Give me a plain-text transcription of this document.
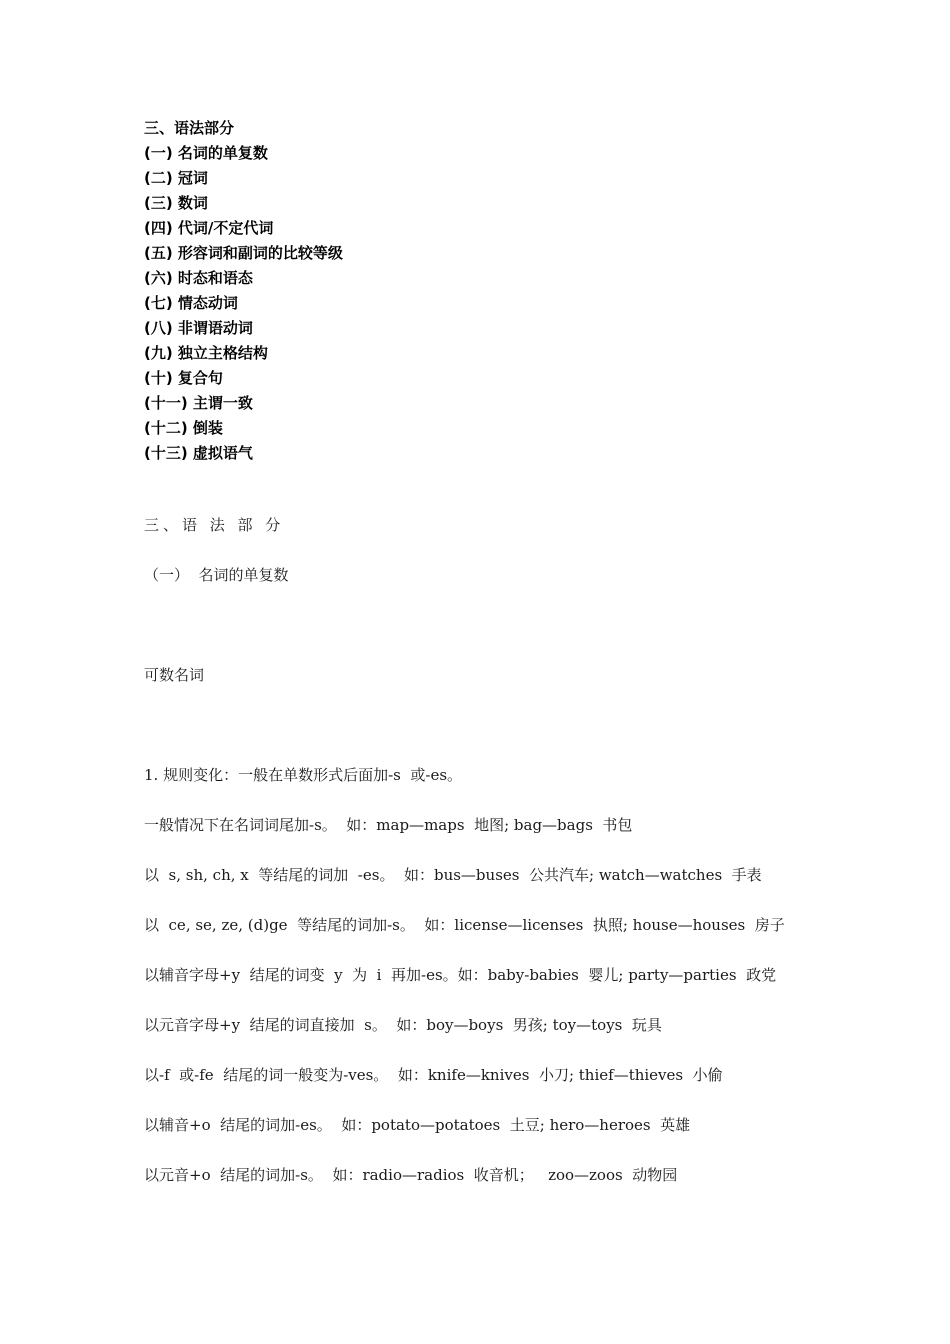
三、语法部分
(一) 名词的单复数
(二) 冠词
(三) 数词
(四) 代词/不定代词
(五) 形容词和副词的比较等级
(六) 时态和语态
(七) 情态动词
(八) 非谓语动词
(九) 独立主格结构
(十) 复合句
(十一) 主谓一致
(十二) 倒装
(十三) 虚拟语气
三、语 法 部 分
（一）  名词的单复数
可数名词
1. 规则变化：一般在单数形式后面加-s  或-es。
一般情况下在名词词尾加-s。  如：map—maps  地图; bag—bags  书包
以  s, sh, ch, x  等结尾的词加  -es。  如：bus—buses  公共汽车; watch—watches  手表
以  ce, se, ze, (d)ge  等结尾的词加-s。  如：license—licenses  执照; house—houses  房子
以辅音字母+y  结尾的词变  y  为  i  再加-es。如：baby-babies  婴儿; party—parties  政党
以元音字母+y  结尾的词直接加  s。  如：boy—boys  男孩; toy—toys  玩具
以-f  或-fe  结尾的词一般变为-ves。  如：knife—knives  小刀; thief—thieves  小偷
以辅音+o  结尾的词加-es。  如：potato—potatoes  土豆; hero—heroes  英雄
以元音+o  结尾的词加-s。  如：radio—radios  收音机；   zoo—zoos  动物园
